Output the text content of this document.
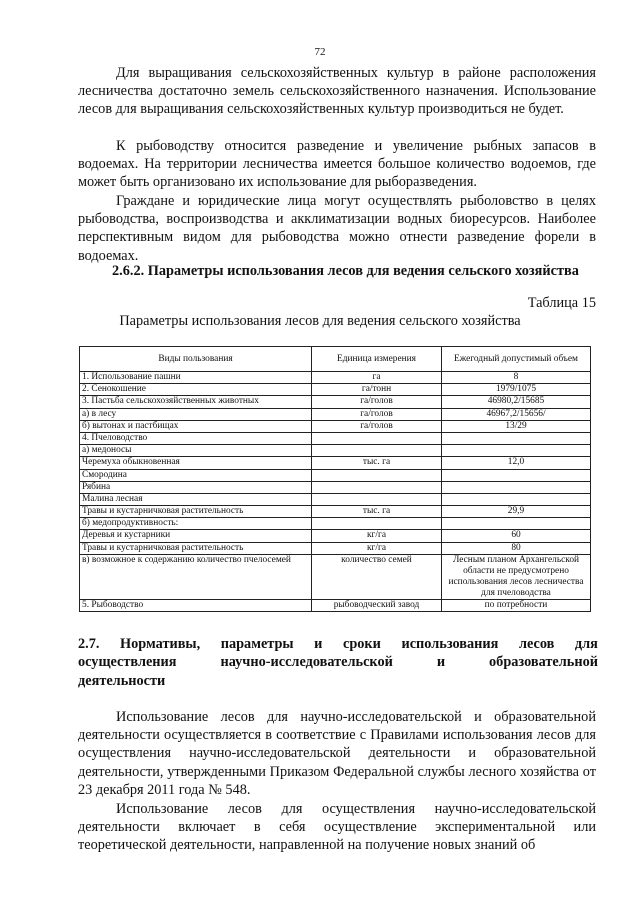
72

Для выращивания сельскохозяйственных культур в районе расположения лесничества достаточно земель сельскохозяйственного назначения. Использование лесов для выращивания сельскохозяйственных культур производиться не будет.

К рыбоводству относится разведение и увеличение рыбных запасов в водоемах. На территории лесничества имеется большое количество водоемов, где может быть организовано их использование для рыборазведения.

Граждане и юридические лица могут осуществлять рыболовство в целях рыбоводства, воспроизводства и акклиматизации водных биоресурсов. Наиболее перспективным видом для рыбоводства можно отнести разведение форели в водоемах.

2.6.2. Параметры использования лесов для ведения сельского хозяйства
Таблица 15
Параметры использования лесов для ведения сельского хозяйства
Виды пользования	Единица измерения	Ежегодный допустимый объем
1. Использование пашни	га	8
2. Сенокошение	га/тонн	1979/1075
3. Пастьба сельскохозяйственных животных	га/голов	46980,2/15685
а) в лесу	га/голов	46967,2/15656/
б) вытонах и пастбищах	га/голов	13/29
4. Пчеловодство		
а) медоносы		
Черемуха обыкновенная	тыс. га	12,0
Смородина		
Рябина		
Малина лесная		
Травы и кустарничковая растительность	тыс. га	29,9
б) медопродуктивность:		
Деревья и кустарники	кг/га	60
Травы и кустарничковая растительность	кг/га	80
в) возможное к содержанию количество пчелосемей	количество семей	Лесным планом Архангельской области не предусмотрено использования лесов лесничества для пчеловодства
5. Рыбоводство	рыбоводческий завод	по потребности
2.7. Нормативы, параметры и сроки использования лесов для
осуществления	научно-исследовательской	и	образовательной
деятельности

Использование лесов для научно-исследовательской и образовательной деятельности осуществляется в соответствие с Правилами использования лесов для осуществления научно-исследовательской деятельности и образовательной деятельности, утвержденными Приказом Федеральной службы лесного хозяйства от 23 декабря 2011 года № 548.

Использование лесов для осуществления научно-исследовательской деятельности включает в себя осуществление экспериментальной или теоретической деятельности, направленной на получение новых знаний об
